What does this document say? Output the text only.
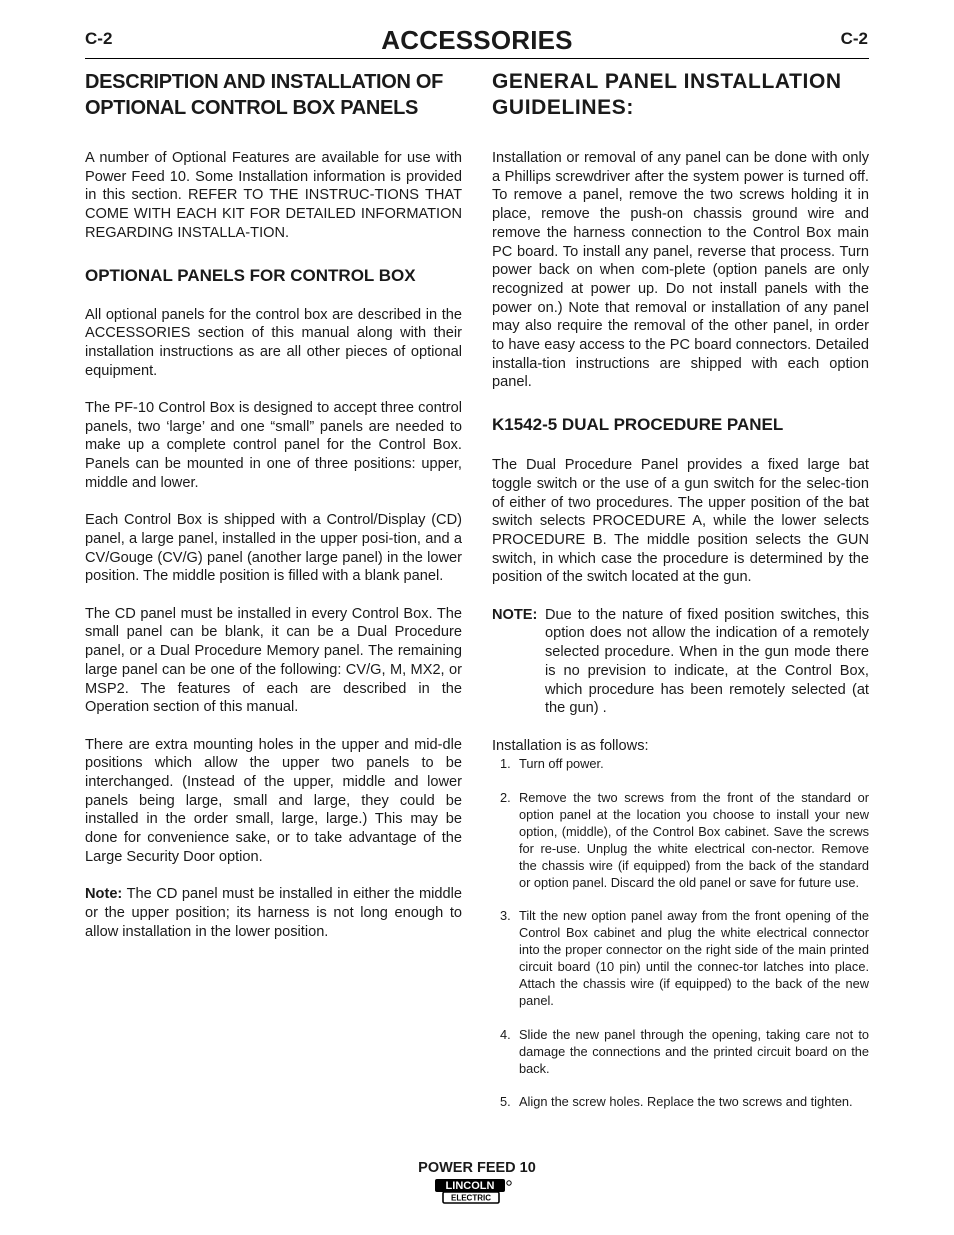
C-2	ACCESSORIES	C-2
DESCRIPTION AND INSTALLATION OF OPTIONAL CONTROL BOX PANELS

A number of Optional Features are available for use with Power Feed 10. Some Installation information is provided in this section. REFER TO THE INSTRUC-TIONS THAT COME WITH EACH KIT FOR DETAILED INFORMATION REGARDING INSTALLA-TION.

OPTIONAL PANELS FOR CONTROL BOX

All optional panels for the control box are described in the ACCESSORIES section of this manual along with their installation instructions as are all other pieces of optional equipment.

The PF-10 Control Box is designed to accept three control panels, two ‘large’ and one “small” panels are needed to make up a complete control panel for the Control Box. Panels can be mounted in one of three positions: upper, middle and lower.

Each Control Box is shipped with a Control/Display (CD) panel, a large panel, installed in the upper posi-tion, and a CV/Gouge (CV/G) panel (another large panel) in the lower position. The middle position is filled with a blank panel.

The CD panel must be installed in every Control Box. The small panel can be blank, it can be a Dual Procedure panel, or a Dual Procedure Memory panel. The remaining large panel can be one of the following: CV/G, M, MX2, or MSP2. The features of each are described in the Operation section of this manual.

There are extra mounting holes in the upper and mid-dle positions which allow the upper two panels to be interchanged. (Instead of the upper, middle and lower panels being large, small and large, they could be installed in the order small, large, large.) This may be done for convenience sake, or to take advantage of the Large Security Door option.

Note: The CD panel must be installed in either the middle or the upper position; its harness is not long enough to allow installation in the lower position.

GENERAL PANEL INSTALLATION GUIDELINES:

Installation or removal of any panel can be done with only a Phillips screwdriver after the system power is turned off. To remove a panel, remove the two screws holding it in place, remove the push-on chassis ground wire and remove the harness connection to the Control Box main PC board. To install any panel, reverse that process. Turn power back on when com-plete (option panels are only recognized at power up. Do not install panels with the power on.) Note that removal or installation of any panel may also require the removal of the other panel, in order to have easy access to the PC board connectors. Detailed installa-tion instructions are shipped with each option panel.

K1542-5 DUAL PROCEDURE PANEL

The Dual Procedure Panel provides a fixed large bat toggle switch or the use of a gun switch for the selec-tion of either of two procedures. The upper position of the bat switch selects PROCEDURE A, while the lower selects PROCEDURE B. The middle position selects the GUN switch, in which case the procedure is determined by the position of the switch located at the gun.

NOTE: Due to the nature of fixed position switches, this option does not allow the indication of a remotely selected procedure. When in the gun mode there is no prevision to indicate, at the Control Box, which procedure has been remotely selected (at the gun) .

Installation is as follows:

1. Turn off power.
2. Remove the two screws from the front of the standard or option panel at the location you choose to install your new option, (middle), of the Control Box cabinet. Save the screws for re-use. Unplug the white electrical con-nector. Remove the chassis wire (if equipped) from the back of the standard or option panel. Discard the old panel or save for future use.
3. Tilt the new option panel away from the front opening of the Control Box cabinet and plug the white electrical connector into the proper connector on the right side of the main printed circuit board (10 pin) until the connec-tor latches into place. Attach the chassis wire (if equipped) to the back of the new panel.
4. Slide the new panel through the opening, taking care not to damage the connections and the printed circuit board on the back.
5. Align the screw holes. Replace the two screws and tighten.
POWER FEED 10
LINCOLN
ELECTRIC
